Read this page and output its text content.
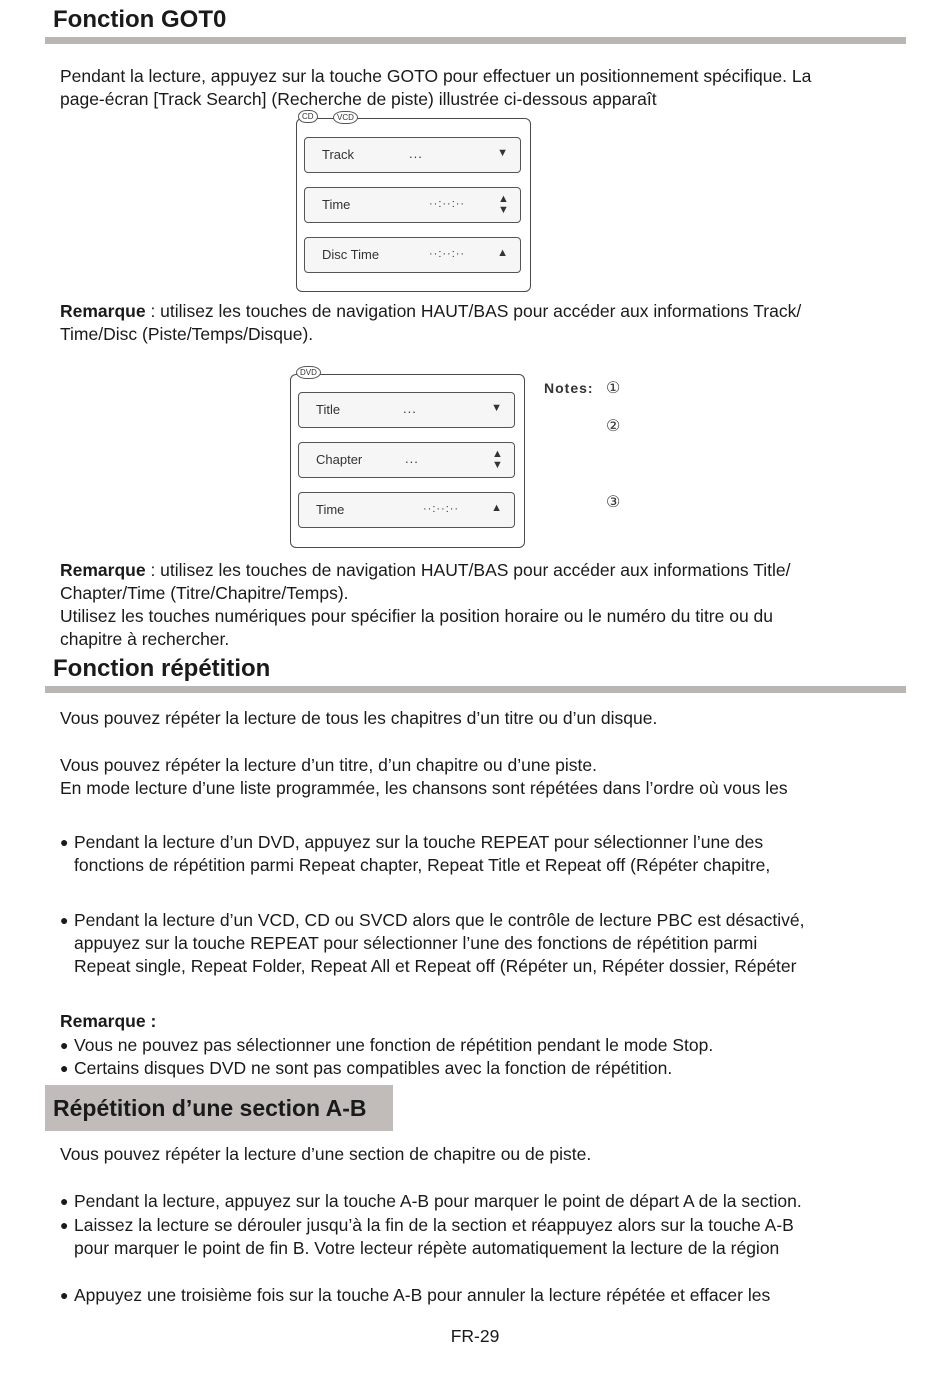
Fonction GOT0

Pendant la lecture, appuyez sur la touche GOTO pour effectuer un positionnement spécifique. La
page-écran [Track Search] (Recherche de piste) illustrée ci-dessous apparaît

CD	VCD
Track	...	▼
Time	··:··:··	▲▼
Disc Time	··:··:··	▲

Remarque : utilisez les touches de navigation HAUT/BAS pour accéder aux informations Track/
Time/Disc (Piste/Temps/Disque).

DVD
Title	...	▼
Chapter	...	▲▼
Time	··:··:··	▲
Notes: ①
②
③

Remarque : utilisez les touches de navigation HAUT/BAS pour accéder aux informations Title/
Chapter/Time (Titre/Chapitre/Temps).
Utilisez les touches numériques pour spécifier la position horaire ou le numéro du titre ou du
chapitre à rechercher.

Fonction répétition

Vous pouvez répéter la lecture de tous les chapitres d’un titre ou d’un disque.

Vous pouvez répéter la lecture d’un titre, d’un chapitre ou d’une piste.
En mode lecture d’une liste programmée, les chansons sont répétées dans l’ordre où vous les

● Pendant la lecture d’un DVD, appuyez sur la touche REPEAT pour sélectionner l’une des
fonctions de répétition parmi Repeat chapter, Repeat Title et Repeat off (Répéter chapitre,
● Pendant la lecture d’un VCD, CD ou SVCD alors que le contrôle de lecture PBC est désactivé,
appuyez sur la touche REPEAT pour sélectionner l’une des fonctions de répétition parmi
Repeat single, Repeat Folder, Repeat All et Repeat off (Répéter un, Répéter dossier, Répéter

Remarque :

● Vous ne pouvez pas sélectionner une fonction de répétition pendant le mode Stop.
● Certains disques DVD ne sont pas compatibles avec la fonction de répétition.
Répétition d’une section A-B

Vous pouvez répéter la lecture d’une section de chapitre ou de piste.

● Pendant la lecture, appuyez sur la touche A-B pour marquer le point de départ A de la section.
● Laissez la lecture se dérouler jusqu’à la fin de la section et réappuyez alors sur la touche A-B
pour marquer le point de fin B. Votre lecteur répète automatiquement la lecture de la région
● Appuyez une troisième fois sur la touche A-B pour annuler la lecture répétée et effacer les
FR-29
